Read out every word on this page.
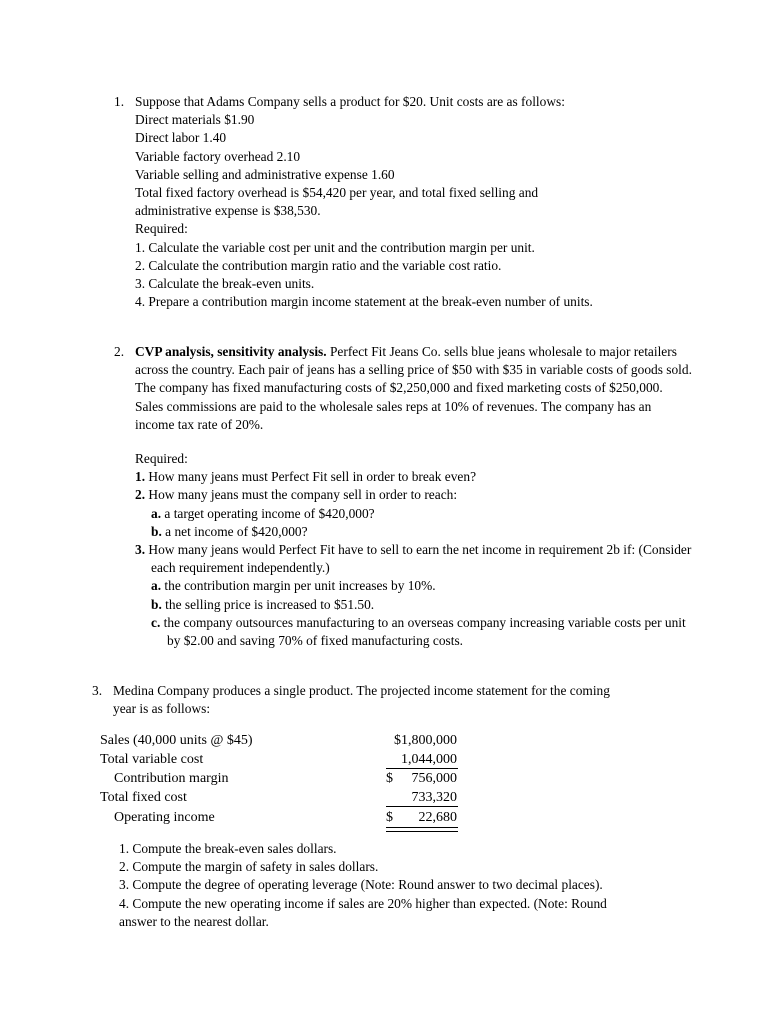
1. Suppose that Adams Company sells a product for $20. Unit costs are as follows:
Direct materials $1.90
Direct labor 1.40
Variable factory overhead 2.10
Variable selling and administrative expense 1.60
Total fixed factory overhead is $54,420 per year, and total fixed selling and
administrative expense is $38,530.
Required:
1. Calculate the variable cost per unit and the contribution margin per unit.
2. Calculate the contribution margin ratio and the variable cost ratio.
3. Calculate the break-even units.
4. Prepare a contribution margin income statement at the break-even number of units.
2. CVP analysis, sensitivity analysis. Perfect Fit Jeans Co. sells blue jeans wholesale to major retailers across the country. Each pair of jeans has a selling price of $50 with $35 in variable costs of goods sold. The company has fixed manufacturing costs of $2,250,000 and fixed marketing costs of $250,000. Sales commissions are paid to the wholesale sales reps at 10% of revenues. The company has an income tax rate of 20%.
Required:
1. How many jeans must Perfect Fit sell in order to break even?
2. How many jeans must the company sell in order to reach:
a. a target operating income of $420,000?
b. a net income of $420,000?
3. How many jeans would Perfect Fit have to sell to earn the net income in requirement 2b if: (Consider each requirement independently.)
a. the contribution margin per unit increases by 10%.
b. the selling price is increased to $51.50.
c. the company outsources manufacturing to an overseas company increasing variable costs per unit by $2.00 and saving 70% of fixed manufacturing costs.
3. Medina Company produces a single product. The projected income statement for the coming
year is as follows:
Sales (40,000 units @ $45)	$1,800,000
Total variable cost	1,044,000
Contribution margin	$ 756,000
Total fixed cost	733,320
Operating income	$ 22,680
1. Compute the break-even sales dollars.
2. Compute the margin of safety in sales dollars.
3. Compute the degree of operating leverage (Note: Round answer to two decimal places).
4. Compute the new operating income if sales are 20% higher than expected. (Note: Round
answer to the nearest dollar.
